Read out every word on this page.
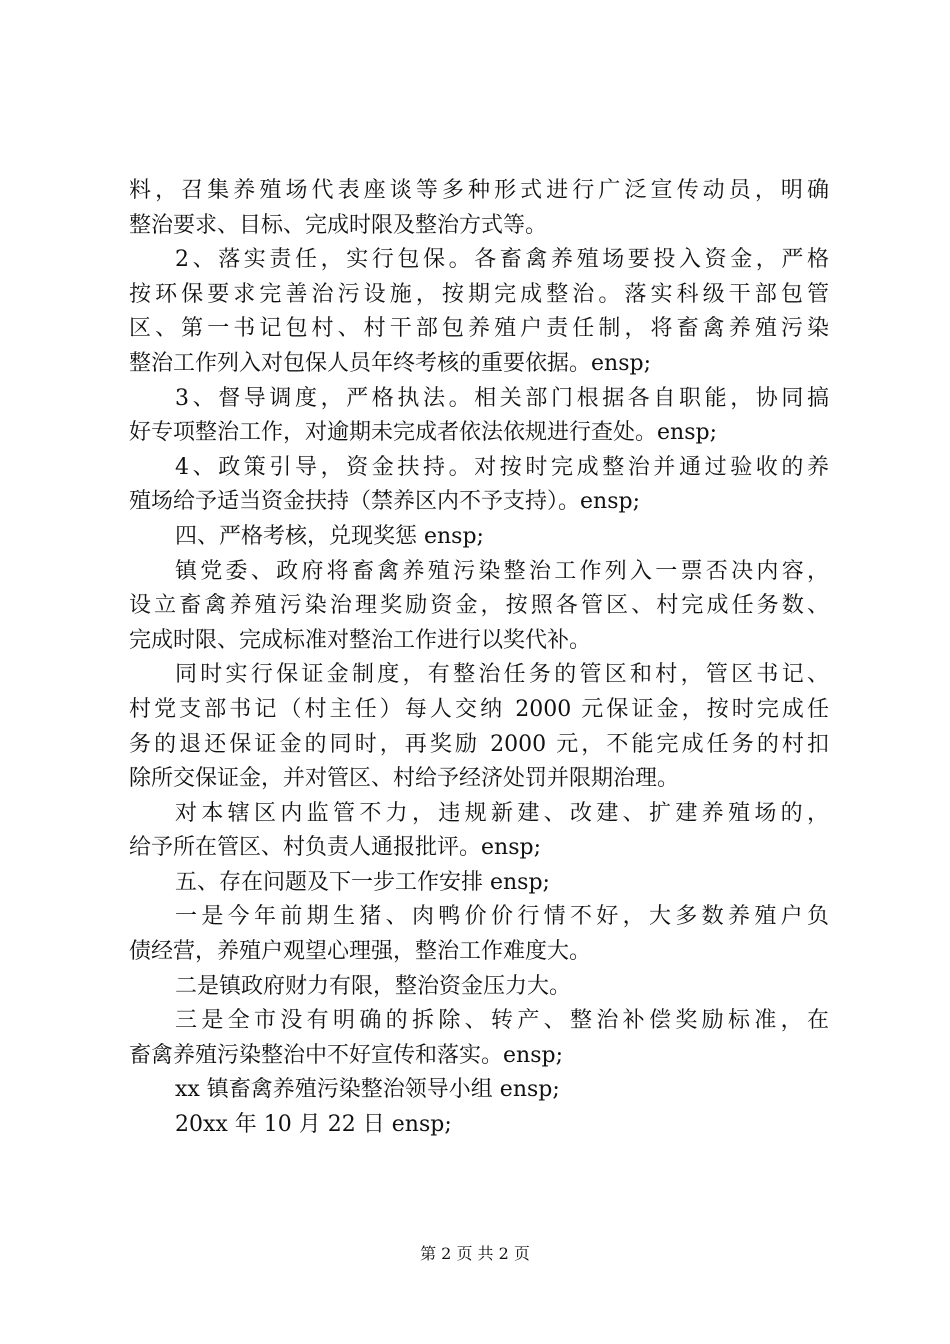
料，召集养殖场代表座谈等多种形式进行广泛宣传动员，明确
整治要求、目标、完成时限及整治方式等。
2、落实责任，实行包保。各畜禽养殖场要投入资金，严格
按环保要求完善治污设施，按期完成整治。落实科级干部包管
区、第一书记包村、村干部包养殖户责任制，将畜禽养殖污染
整治工作列入对包保人员年终考核的重要依据。ensp;
3、督导调度，严格执法。相关部门根据各自职能，协同搞
好专项整治工作，对逾期未完成者依法依规进行查处。ensp;
4、政策引导，资金扶持。对按时完成整治并通过验收的养
殖场给予适当资金扶持（禁养区内不予支持）。ensp;
四、严格考核，兑现奖惩 ensp;
镇党委、政府将畜禽养殖污染整治工作列入一票否决内容，
设立畜禽养殖污染治理奖励资金，按照各管区、村完成任务数、
完成时限、完成标准对整治工作进行以奖代补。
同时实行保证金制度，有整治任务的管区和村，管区书记、
村党支部书记（村主任）每人交纳 2000 元保证金，按时完成任
务的退还保证金的同时，再奖励 2000 元，不能完成任务的村扣
除所交保证金，并对管区、村给予经济处罚并限期治理。
对本辖区内监管不力，违规新建、改建、扩建养殖场的，
给予所在管区、村负责人通报批评。ensp;
五、存在问题及下一步工作安排 ensp;
一是今年前期生猪、肉鸭价价行情不好，大多数养殖户负
债经营，养殖户观望心理强，整治工作难度大。
二是镇政府财力有限，整治资金压力大。
三是全市没有明确的拆除、转产、整治补偿奖励标准，在
畜禽养殖污染整治中不好宣传和落实。ensp;
xx 镇畜禽养殖污染整治领导小组 ensp;
20xx 年 10 月 22 日 ensp;
第 2 页 共 2 页
